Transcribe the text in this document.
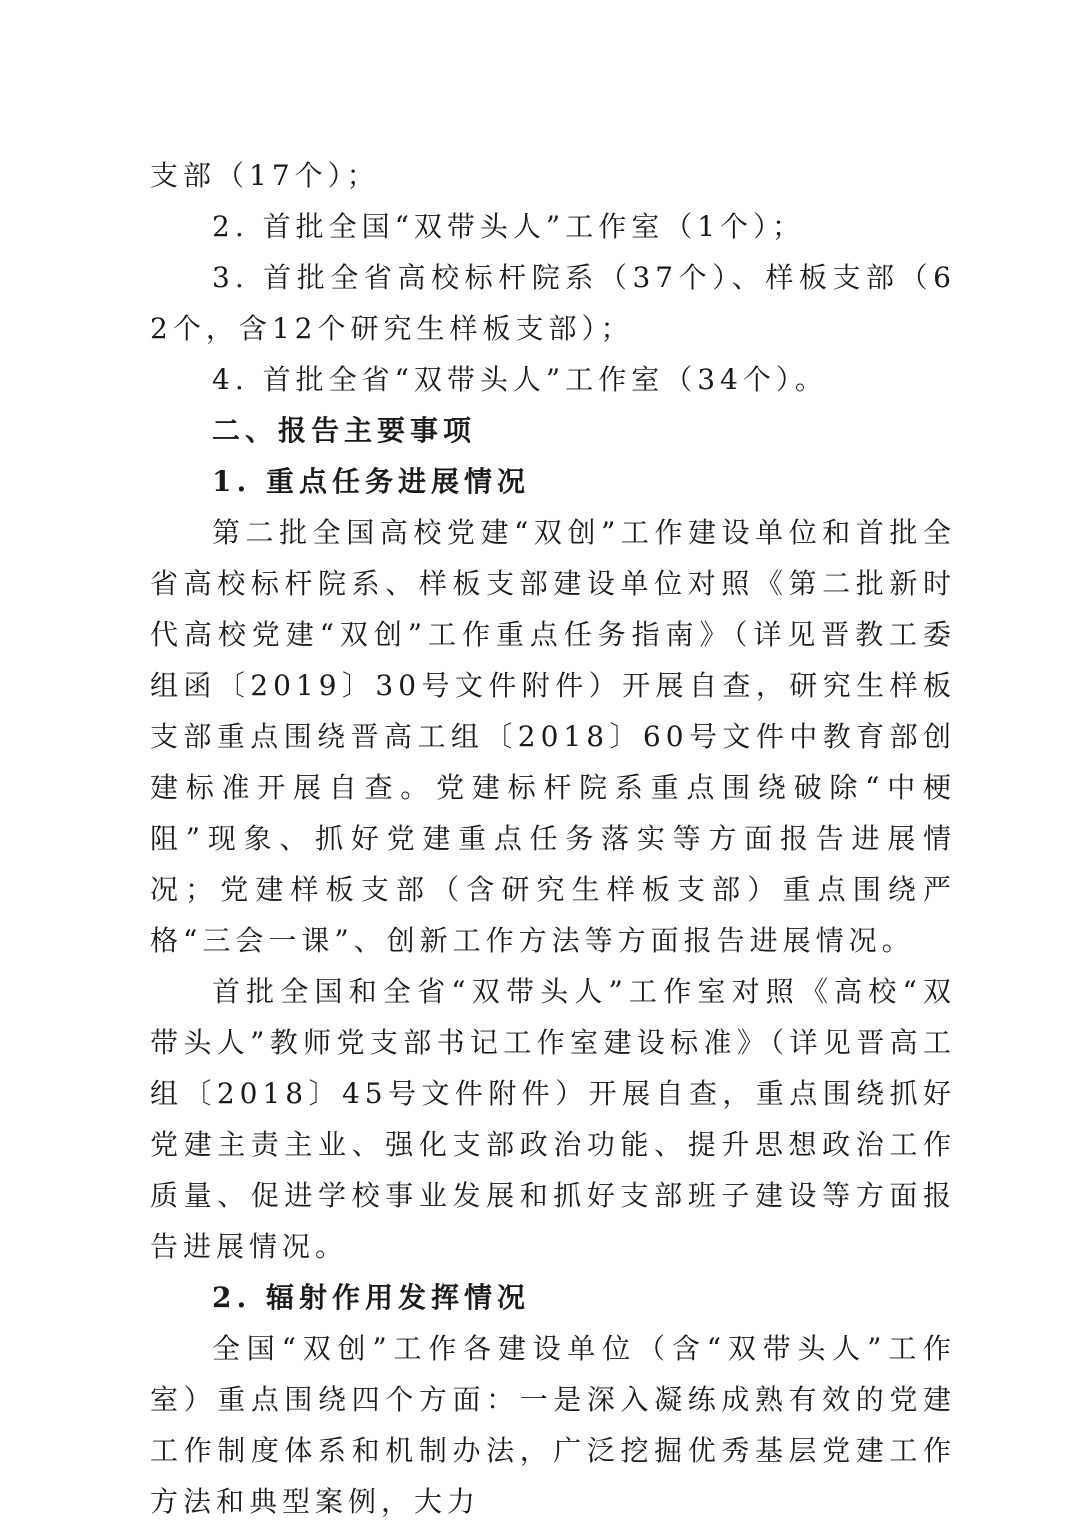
支部（17个）；

2. 首批全国“双带头人”工作室（1个）；

3. 首批全省高校标杆院系（37个）、样板支部（62个，含12个研究生样板支部）；

4. 首批全省“双带头人”工作室（34个）。

二、报告主要事项

1. 重点任务进展情况

第二批全国高校党建“双创”工作建设单位和首批全省高校标杆院系、样板支部建设单位对照《第二批新时代高校党建“双创”工作重点任务指南》（详见晋教工委组函〔2019〕30号文件附件）开展自查，研究生样板支部重点围绕晋高工组〔2018〕60号文件中教育部创建标准开展自查。党建标杆院系重点围绕破除“中梗阻”现象、抓好党建重点任务落实等方面报告进展情况；党建样板支部（含研究生样板支部）重点围绕严格“三会一课”、创新工作方法等方面报告进展情况。

首批全国和全省“双带头人”工作室对照《高校“双带头人”教师党支部书记工作室建设标准》（详见晋高工组〔2018〕45号文件附件）开展自查，重点围绕抓好党建主责主业、强化支部政治功能、提升思想政治工作质量、促进学校事业发展和抓好支部班子建设等方面报告进展情况。

2. 辐射作用发挥情况

全国“双创”工作各建设单位（含“双带头人”工作室）重点围绕四个方面：一是深入凝练成熟有效的党建工作制度体系和机制办法，广泛挖掘优秀基层党建工作方法和典型案例，大力
